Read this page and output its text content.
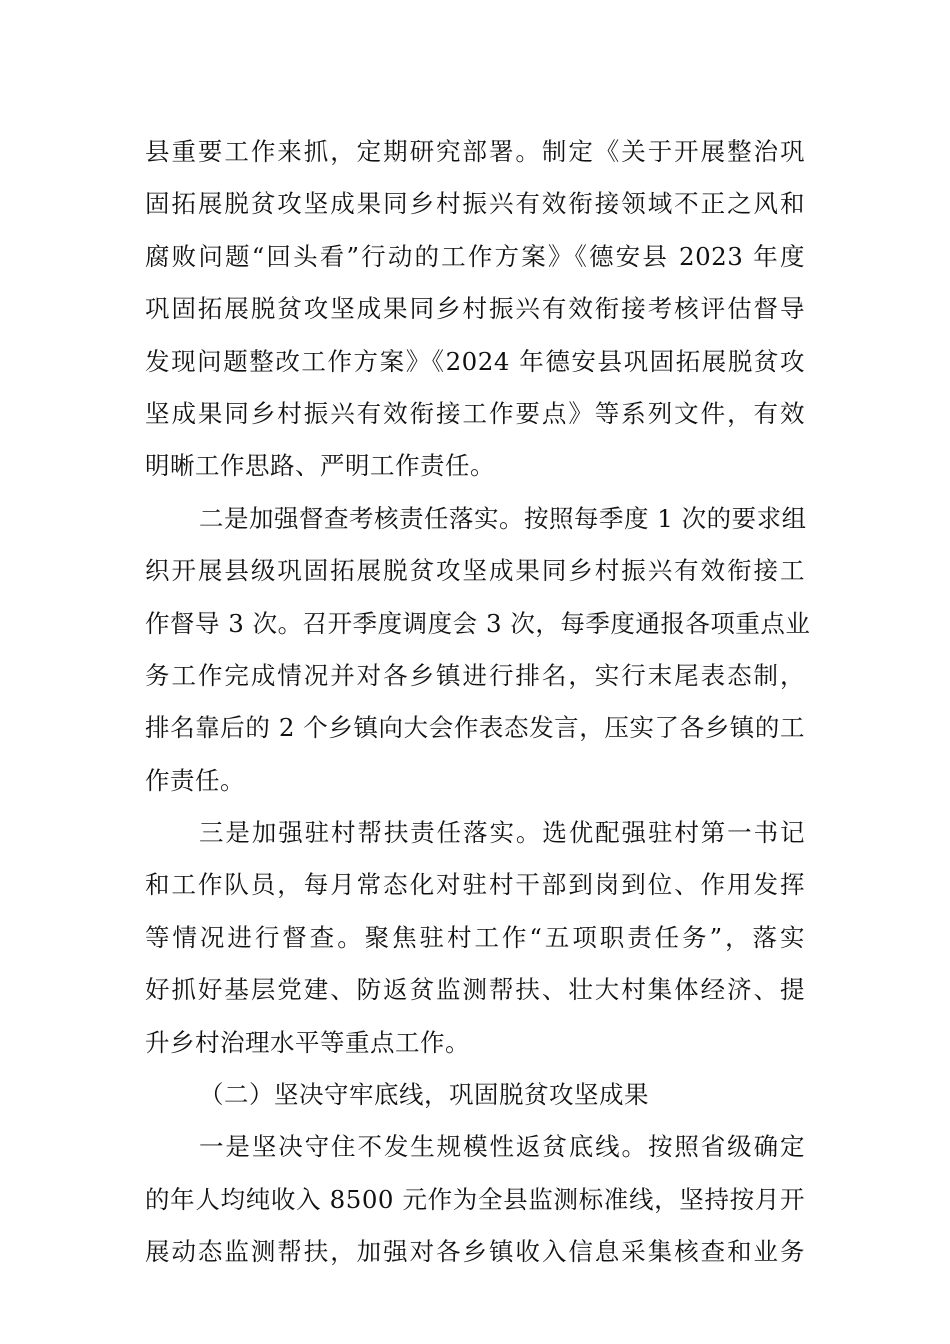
县重要工作来抓，定期研究部署。制定《关于开展整治巩
固拓展脱贫攻坚成果同乡村振兴有效衔接领域不正之风和
腐败问题“回头看”行动的工作方案》《德安县 2023 年度
巩固拓展脱贫攻坚成果同乡村振兴有效衔接考核评估督导
发现问题整改工作方案》《2024 年德安县巩固拓展脱贫攻
坚成果同乡村振兴有效衔接工作要点》等系列文件，有效
明晰工作思路、严明工作责任。
二是加强督查考核责任落实。按照每季度 1 次的要求组
织开展县级巩固拓展脱贫攻坚成果同乡村振兴有效衔接工
作督导 3 次。召开季度调度会 3 次，每季度通报各项重点业
务工作完成情况并对各乡镇进行排名，实行末尾表态制，
排名靠后的 2 个乡镇向大会作表态发言，压实了各乡镇的工
作责任。
三是加强驻村帮扶责任落实。选优配强驻村第一书记
和工作队员，每月常态化对驻村干部到岗到位、作用发挥
等情况进行督查。聚焦驻村工作“五项职责任务”，落实
好抓好基层党建、防返贫监测帮扶、壮大村集体经济、提
升乡村治理水平等重点工作。
（二）坚决守牢底线，巩固脱贫攻坚成果
一是坚决守住不发生规模性返贫底线。按照省级确定
的年人均纯收入 8500 元作为全县监测标准线，坚持按月开
展动态监测帮扶，加强对各乡镇收入信息采集核查和业务
